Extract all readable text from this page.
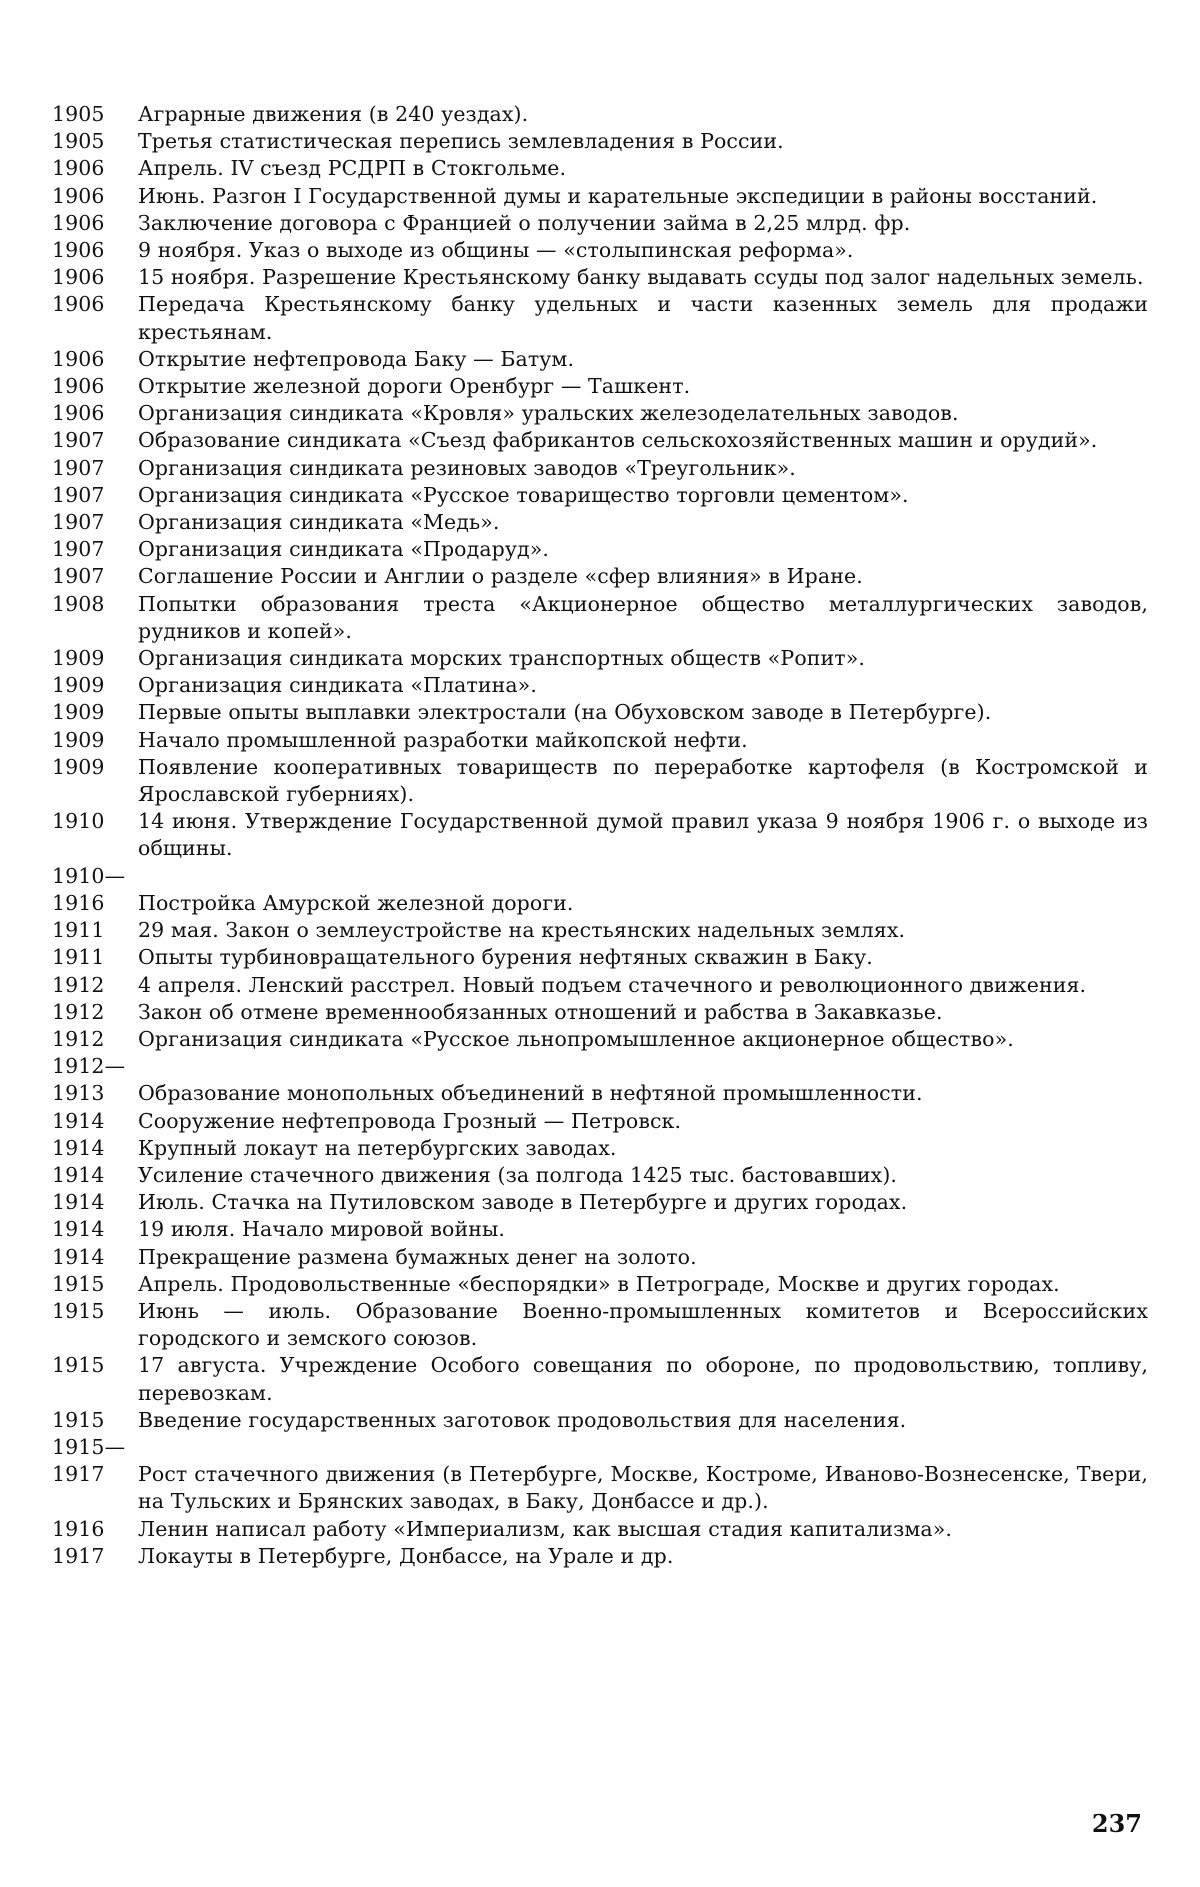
1905	Аграрные движения (в 240 уездах).
1905	Третья статистическая перепись землевладения в России.
1906	Апрель. IV съезд РСДРП в Стокгольме.
1906	Июнь. Разгон I Государственной думы и карательные экспедиции в районы восстаний.
1906	Заключение договора с Францией о получении займа в 2,25 млрд. фр.
1906	9 ноября. Указ о выходе из общины — «столыпинская реформа».
1906	15 ноября. Разрешение Крестьянскому банку выдавать ссуды под залог надельных земель.
1906	Передача Крестьянскому банку удельных и части казенных земель для продажи крестьянам.
1906	Открытие нефтепровода Баку — Батум.
1906	Открытие железной дороги Оренбург — Ташкент.
1906	Организация синдиката «Кровля» уральских железоделательных заводов.
1907	Образование синдиката «Съезд фабрикантов сельскохозяйственных машин и орудий».
1907	Организация синдиката резиновых заводов «Треугольник».
1907	Организация синдиката «Русское товарищество торговли цементом».
1907	Организация синдиката «Медь».
1907	Организация синдиката «Продаруд».
1907	Соглашение России и Англии о разделе «сфер влияния» в Иране.
1908	Попытки образования треста «Акционерное общество металлургических заводов, рудников и копей».
1909	Организация синдиката морских транспортных обществ «Ропит».
1909	Организация синдиката «Платина».
1909	Первые опыты выплавки электростали (на Обуховском заводе в Петербурге).
1909	Начало промышленной разработки майкопской нефти.
1909	Появление кооперативных товариществ по переработке картофеля (в Костромской и Ярославской губерниях).
1910	14 июня. Утверждение Государственной думой правил указа 9 ноября 1906 г. о выходе из общины.
1910—
1916	Постройка Амурской железной дороги.
1911	29 мая. Закон о землеустройстве на крестьянских надельных землях.
1911	Опыты турбиновращательного бурения нефтяных скважин в Баку.
1912	4 апреля. Ленский расстрел. Новый подъем стачечного и революционного движения.
1912	Закон об отмене временнообязанных отношений и рабства в Закавказье.
1912	Организация синдиката «Русское льнопромышленное акционерное общество».
1912—
1913	Образование монопольных объединений в нефтяной промышленности.
1914	Сооружение нефтепровода Грозный — Петровск.
1914	Крупный локаут на петербургских заводах.
1914	Усиление стачечного движения (за полгода 1425 тыс. бастовавших).
1914	Июль. Стачка на Путиловском заводе в Петербурге и других городах.
1914	19 июля. Начало мировой войны.
1914	Прекращение размена бумажных денег на золото.
1915	Апрель. Продовольственные «беспорядки» в Петрограде, Москве и других городах.
1915	Июнь — июль. Образование Военно-промышленных комитетов и Всероссийских городского и земского союзов.
1915	17 августа. Учреждение Особого совещания по обороне, по продовольствию, топливу, перевозкам.
1915	Введение государственных заготовок продовольствия для населения.
1915—
1917	Рост стачечного движения (в Петербурге, Москве, Костроме, Иваново-Вознесенске, Твери, на Тульских и Брянских заводах, в Баку, Донбассе и др.).
1916	Ленин написал работу «Империализм, как высшая стадия капитализма».
1917	Локауты в Петербурге, Донбассе, на Урале и др.
237
